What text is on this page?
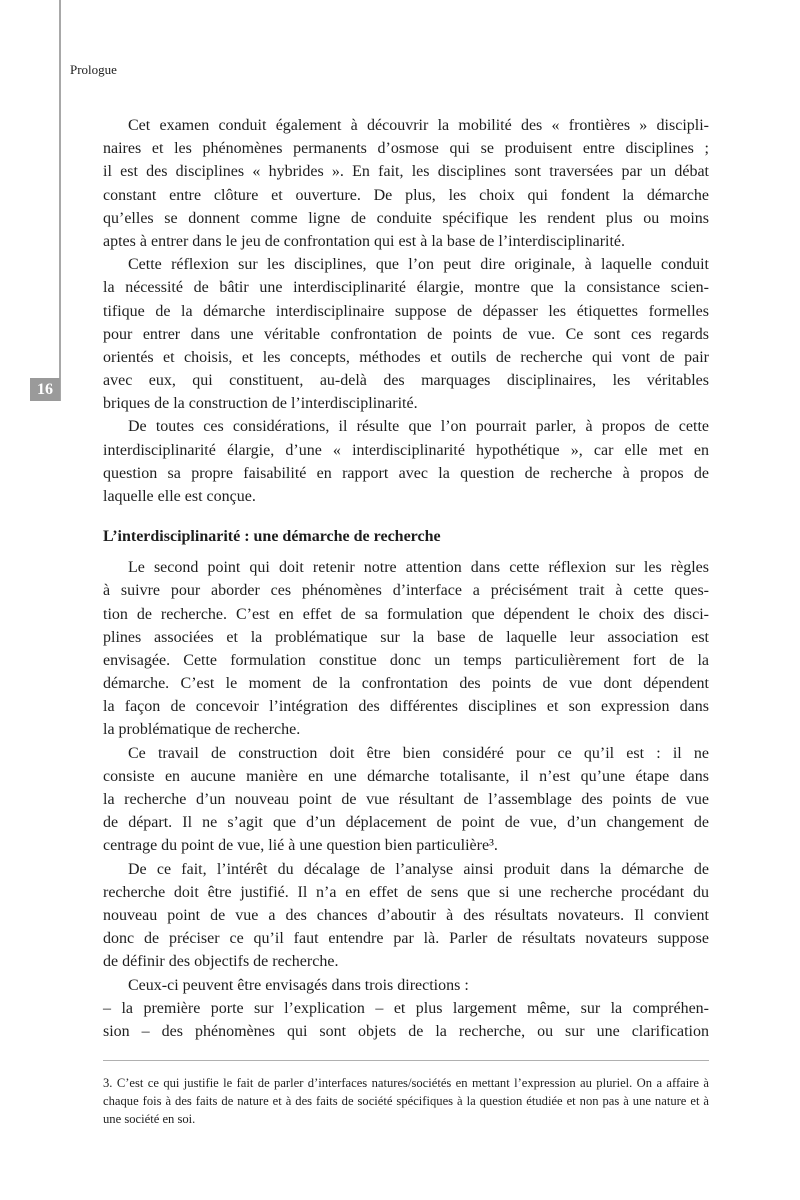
16
Prologue
Cet examen conduit également à découvrir la mobilité des « frontières » discipli-
naires et les phénomènes permanents d’osmose qui se produisent entre disciplines ;
il est des disciplines « hybrides ». En fait, les disciplines sont traversées par un débat
constant entre clôture et ouverture. De plus, les choix qui fondent la démarche
qu’elles se donnent comme ligne de conduite spécifique les rendent plus ou moins
aptes à entrer dans le jeu de confrontation qui est à la base de l’interdisciplinarité.
Cette réflexion sur les disciplines, que l’on peut dire originale, à laquelle conduit
la nécessité de bâtir une interdisciplinarité élargie, montre que la consistance scien-
tifique de la démarche interdisciplinaire suppose de dépasser les étiquettes formelles
pour entrer dans une véritable confrontation de points de vue. Ce sont ces regards
orientés et choisis, et les concepts, méthodes et outils de recherche qui vont de pair
avec eux, qui constituent, au-delà des marquages disciplinaires, les véritables
briques de la construction de l’interdisciplinarité.
De toutes ces considérations, il résulte que l’on pourrait parler, à propos de cette
interdisciplinarité élargie, d’une « interdisciplinarité hypothétique », car elle met en
question sa propre faisabilité en rapport avec la question de recherche à propos de
laquelle elle est conçue.
L’interdisciplinarité : une démarche de recherche
Le second point qui doit retenir notre attention dans cette réflexion sur les règles
à suivre pour aborder ces phénomènes d’interface a précisément trait à cette ques-
tion de recherche. C’est en effet de sa formulation que dépendent le choix des disci-
plines associées et la problématique sur la base de laquelle leur association est
envisagée. Cette formulation constitue donc un temps particulièrement fort de la
démarche. C’est le moment de la confrontation des points de vue dont dépendent
la façon de concevoir l’intégration des différentes disciplines et son expression dans
la problématique de recherche.
Ce travail de construction doit être bien considéré pour ce qu’il est : il ne
consiste en aucune manière en une démarche totalisante, il n’est qu’une étape dans
la recherche d’un nouveau point de vue résultant de l’assemblage des points de vue
de départ. Il ne s’agit que d’un déplacement de point de vue, d’un changement de
centrage du point de vue, lié à une question bien particulière³.
De ce fait, l’intérêt du décalage de l’analyse ainsi produit dans la démarche de
recherche doit être justifié. Il n’a en effet de sens que si une recherche procédant du
nouveau point de vue a des chances d’aboutir à des résultats novateurs. Il convient
donc de préciser ce qu’il faut entendre par là. Parler de résultats novateurs suppose
de définir des objectifs de recherche.
Ceux-ci peuvent être envisagés dans trois directions :
– la première porte sur l’explication – et plus largement même, sur la compréhen-
sion – des phénomènes qui sont objets de la recherche, ou sur une clarification
3. C’est ce qui justifie le fait de parler d’interfaces natures/sociétés en mettant l’expression au pluriel. On a affaire à chaque fois à des faits de nature et à des faits de société spécifiques à la question étudiée et non pas à une nature et à une société en soi.
